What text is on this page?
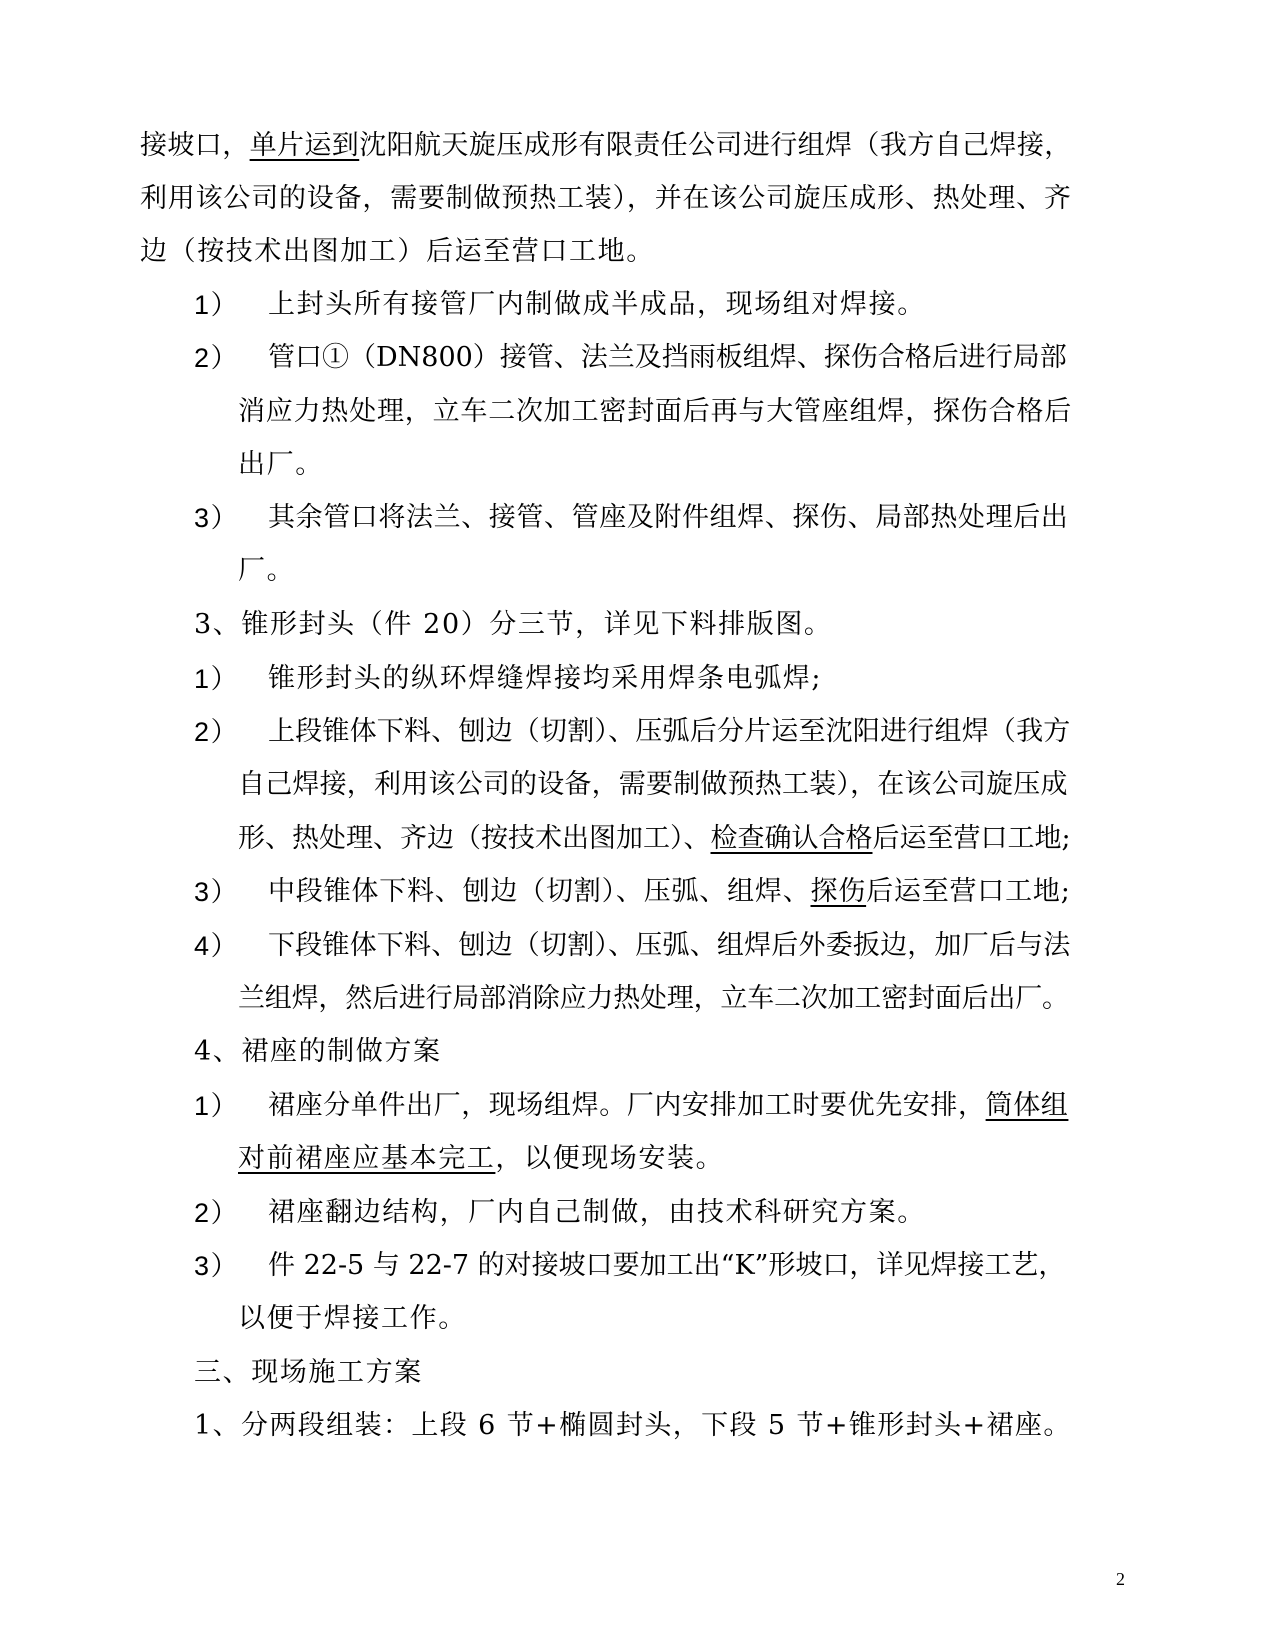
接坡口，单片运到沈阳航天旋压成形有限责任公司进行组焊（我方自己焊接，
利用该公司的设备，需要制做预热工装），并在该公司旋压成形、热处理、齐
边（按技术出图加工）后运至营口工地。
1） 上封头所有接管厂内制做成半成品，现场组对焊接。
2） 管口①（DN800）接管、法兰及挡雨板组焊、探伤合格后进行局部
消应力热处理，立车二次加工密封面后再与大管座组焊，探伤合格后
出厂。
3） 其余管口将法兰、接管、管座及附件组焊、探伤、局部热处理后出
厂。
3、锥形封头（件 20）分三节，详见下料排版图。
1） 锥形封头的纵环焊缝焊接均采用焊条电弧焊;
2） 上段锥体下料、刨边（切割）、压弧后分片运至沈阳进行组焊（我方
自己焊接，利用该公司的设备，需要制做预热工装），在该公司旋压成
形、热处理、齐边（按技术出图加工）、检查确认合格后运至营口工地;
3） 中段锥体下料、刨边（切割）、压弧、组焊、探伤后运至营口工地;
4） 下段锥体下料、刨边（切割）、压弧、组焊后外委扳边，加厂后与法
兰组焊，然后进行局部消除应力热处理，立车二次加工密封面后出厂。
4、裙座的制做方案
1） 裙座分单件出厂，现场组焊。厂内安排加工时要优先安排，筒体组
对前裙座应基本完工，以便现场安装。
2） 裙座翻边结构，厂内自己制做，由技术科研究方案。
3） 件 22-5 与 22-7 的对接坡口要加工出“K”形坡口，详见焊接工艺，
以便于焊接工作。
三、现场施工方案
1、分两段组装：上段 6 节+椭圆封头，下段 5 节+锥形封头+裙座。
2
